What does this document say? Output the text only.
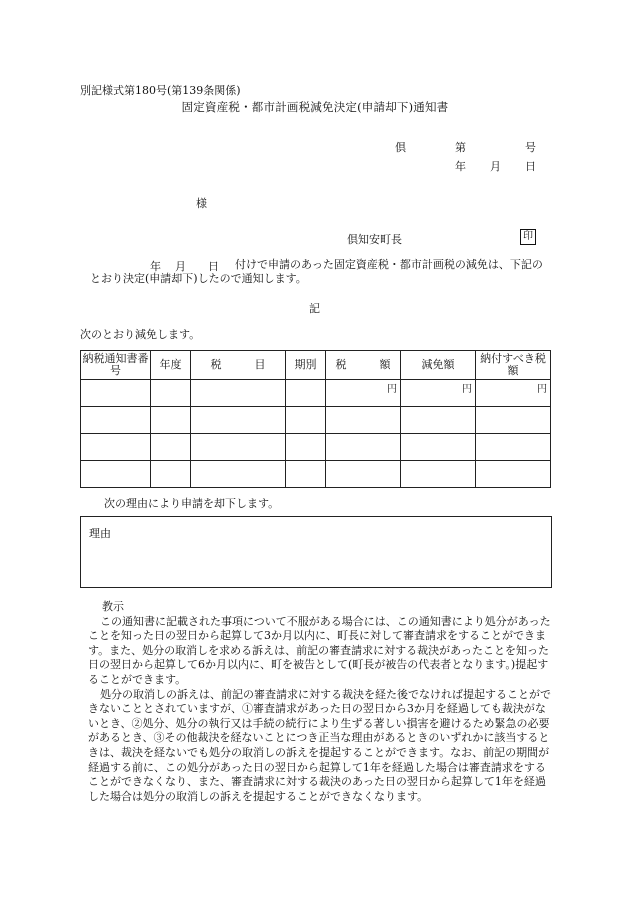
別記様式第180号(第139条関係)
固定資産税・都市計画税減免決定(申請却下)通知書
倶	第	号
年 月 日
様
倶知安町長	印
年 月 日	付けで申請のあった固定資産税・都市計画税の減免は、下記のとおり決定(申請却下)したので通知します。
記
次のとおり減免します。
納税通知書番　　号	年度	税　　　目	期別	税　　　額	減免額	納付すべき税　　額
				円	円	円

次の理由により申請を却下します。
理由
教示

この通知書に記載された事項について不服がある場合には、この通知書により処分があったことを知った日の翌日から起算して3か月以内に、町長に対して審査請求をすることができます。また、処分の取消しを求める訴えは、前記の審査請求に対する裁決があったことを知った日の翌日から起算して6か月以内に、町を被告として(町長が被告の代表者となります。)提起することができます。

処分の取消しの訴えは、前記の審査請求に対する裁決を経た後でなければ提起することができないこととされていますが、①審査請求があった日の翌日から3か月を経過しても裁決がないとき、②処分、処分の執行又は手続の続行により生ずる著しい損害を避けるため緊急の必要があるとき、③その他裁決を経ないことにつき正当な理由があるときのいずれかに該当するときは、裁決を経ないでも処分の取消しの訴えを提起することができます。なお、前記の期間が経過する前に、この処分があった日の翌日から起算して1年を経過した場合は審査請求をすることができなくなり、また、審査請求に対する裁決のあった日の翌日から起算して1年を経過した場合は処分の取消しの訴えを提起することができなくなります。
